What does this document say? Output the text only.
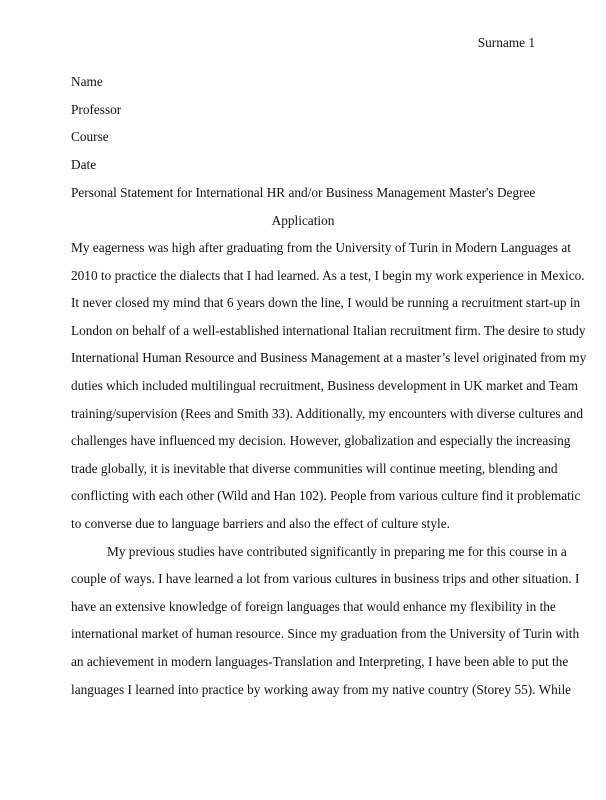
Surname 1
Name
Professor
Course
Date
Personal Statement for International HR and/or Business Management Master's Degree
Application
My eagerness was high after graduating from the University of Turin in Modern Languages at
2010 to practice the dialects that I had learned. As a test, I begin my work experience in Mexico.
It never closed my mind that 6 years down the line, I would be running a recruitment start-up in
London on behalf of a well-established international Italian recruitment firm. The desire to study
International Human Resource and Business Management at a master’s level originated from my
duties which included multilingual recruitment, Business development in UK market and Team
training/supervision (Rees and Smith 33). Additionally, my encounters with diverse cultures and
challenges have influenced my decision. However, globalization and especially the increasing
trade globally, it is inevitable that diverse communities will continue meeting, blending and
conflicting with each other (Wild and Han 102). People from various culture find it problematic
to converse due to language barriers and also the effect of culture style.
My previous studies have contributed significantly in preparing me for this course in a
couple of ways. I have learned a lot from various cultures in business trips and other situation. I
have an extensive knowledge of foreign languages that would enhance my flexibility in the
international market of human resource. Since my graduation from the University of Turin with
an achievement in modern languages-Translation and Interpreting, I have been able to put the
languages I learned into practice by working away from my native country (Storey 55). While
